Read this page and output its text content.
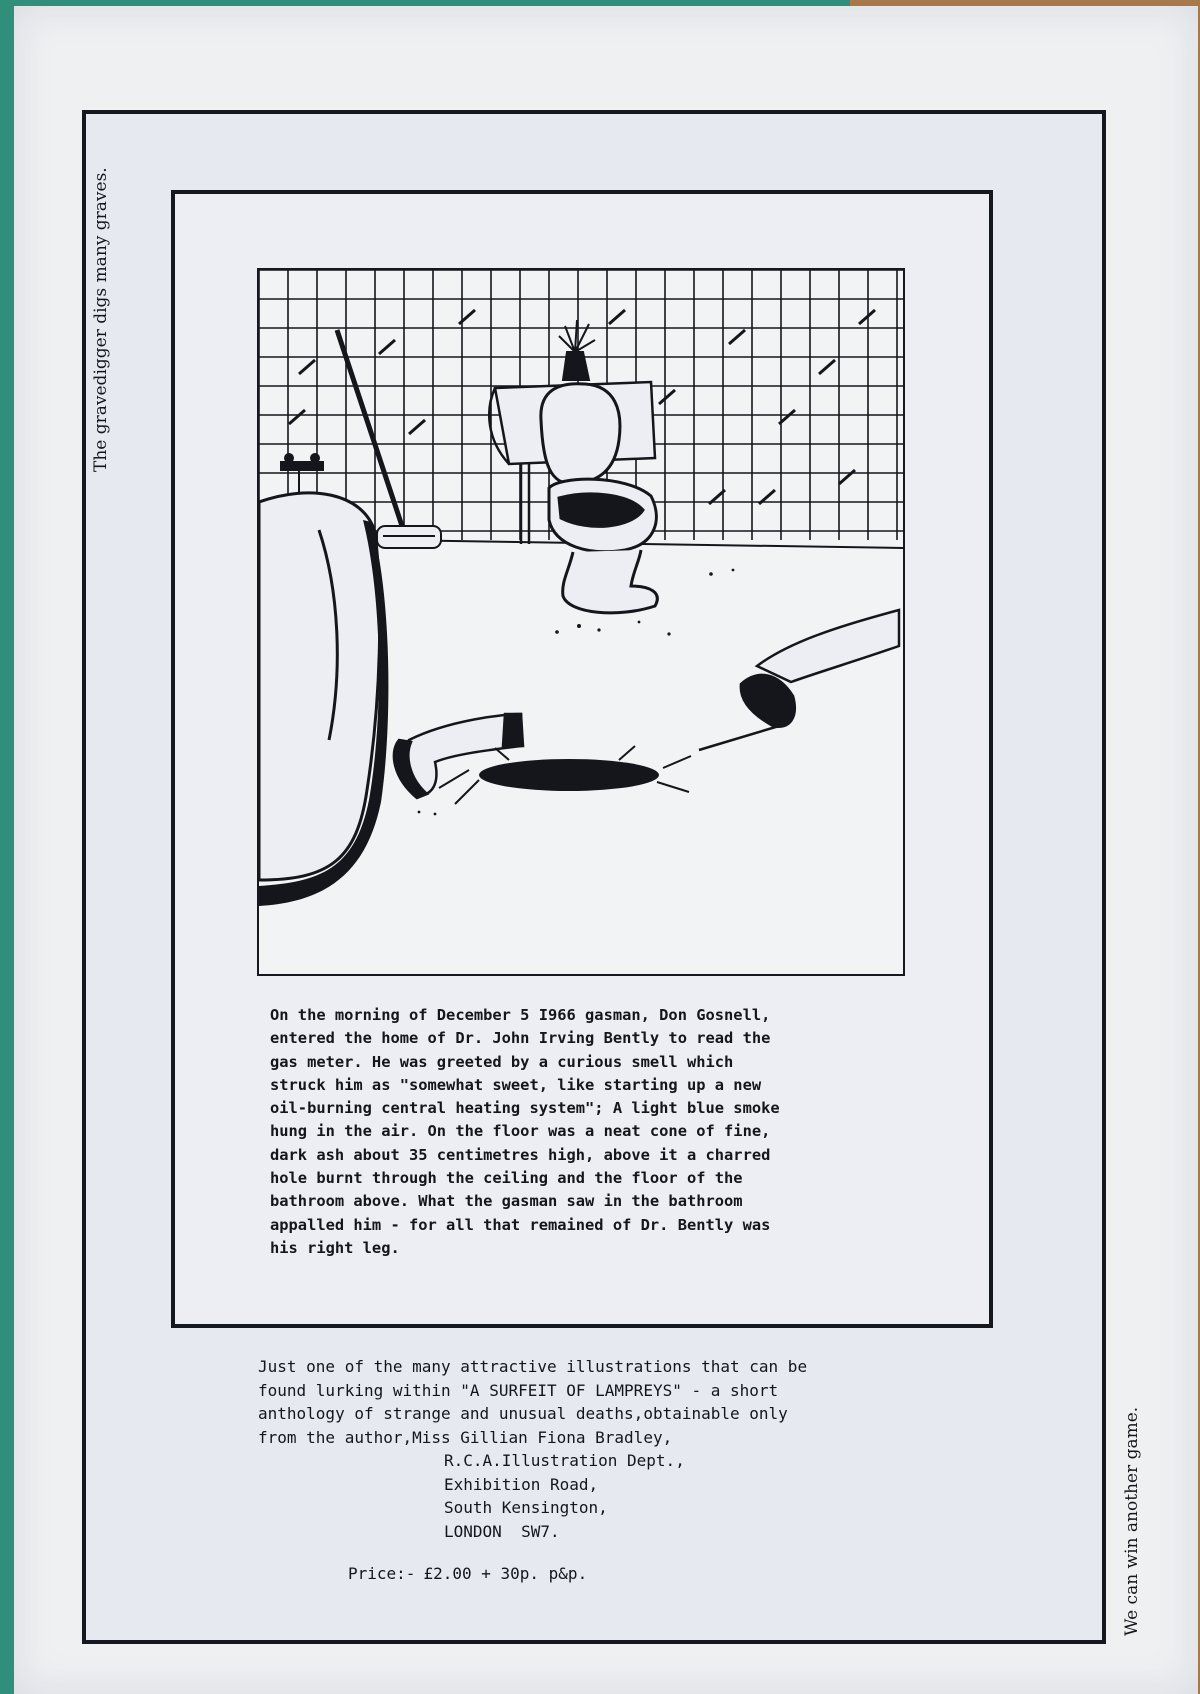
The gravedigger digs many graves.
We can win another game.
On the morning of December 5 I966 gasman, Don Gosnell,
entered the home of Dr. John Irving Bently to read the
gas meter. He was greeted by a curious smell which
struck him as "somewhat sweet, like starting up a new
oil-burning central heating system"; A light blue smoke
hung in the air. On the floor was a neat cone of fine,
dark ash about 35 centimetres high, above it a charred
hole burnt through the ceiling and the floor of the
bathroom above. What the gasman saw in the bathroom
appalled him - for all that remained of Dr. Bently was
his right leg.
Just one of the many attractive illustrations that can be
found lurking within "A SURFEIT OF LAMPREYS" - a short
anthology of strange and unusual deaths,obtainable only
from the author,Miss Gillian Fiona Bradley,
R.C.A.Illustration Dept.,
Exhibition Road,
South Kensington,
LONDON  SW7.
Price:- £2.00 + 30p. p&p.
